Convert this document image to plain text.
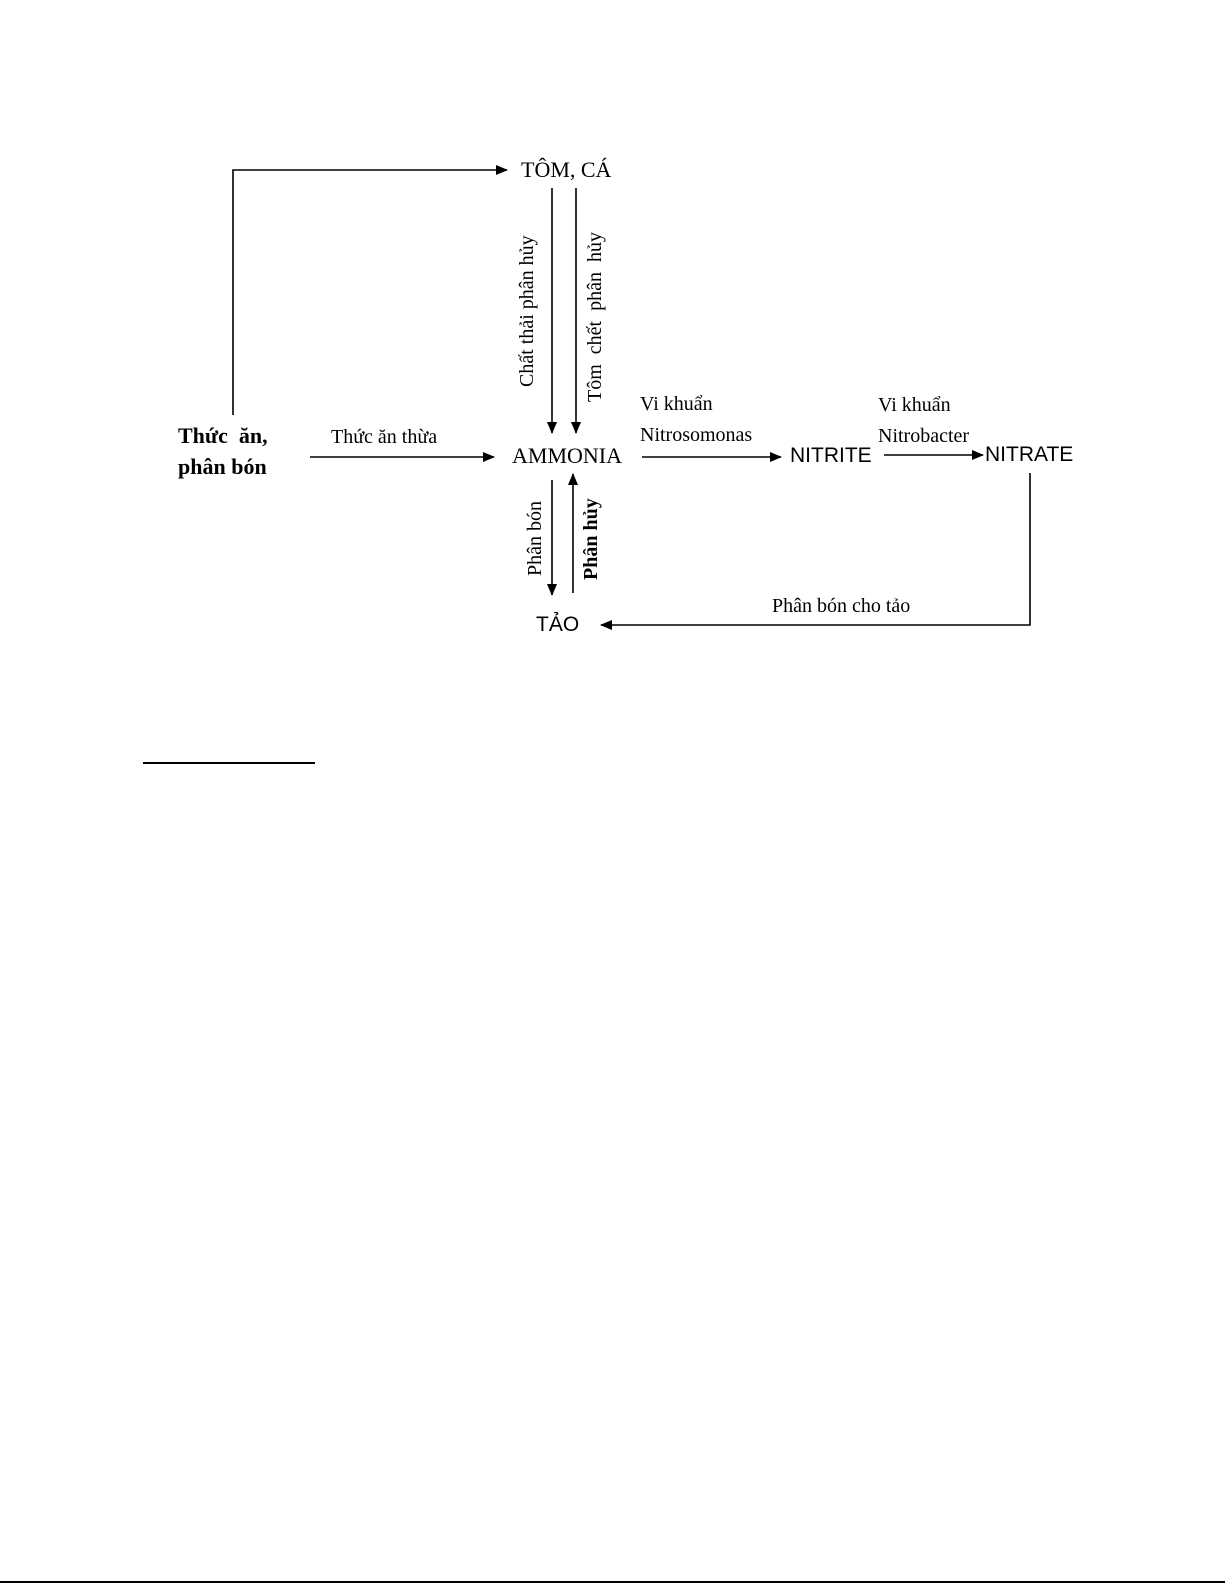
TÔM, CÁ
Thức  ăn,
phân bón	AMMONIA	NITRITE	NITRATE
TẢO
Thức ăn thừa
Chất thải phân hủy Tôm  chết  phân  hủy
Vi khuẩn
Nitrosomonas
Vi khuẩn
Nitrobacter
Phân bón Phân hủy
Phân bón cho tảo
